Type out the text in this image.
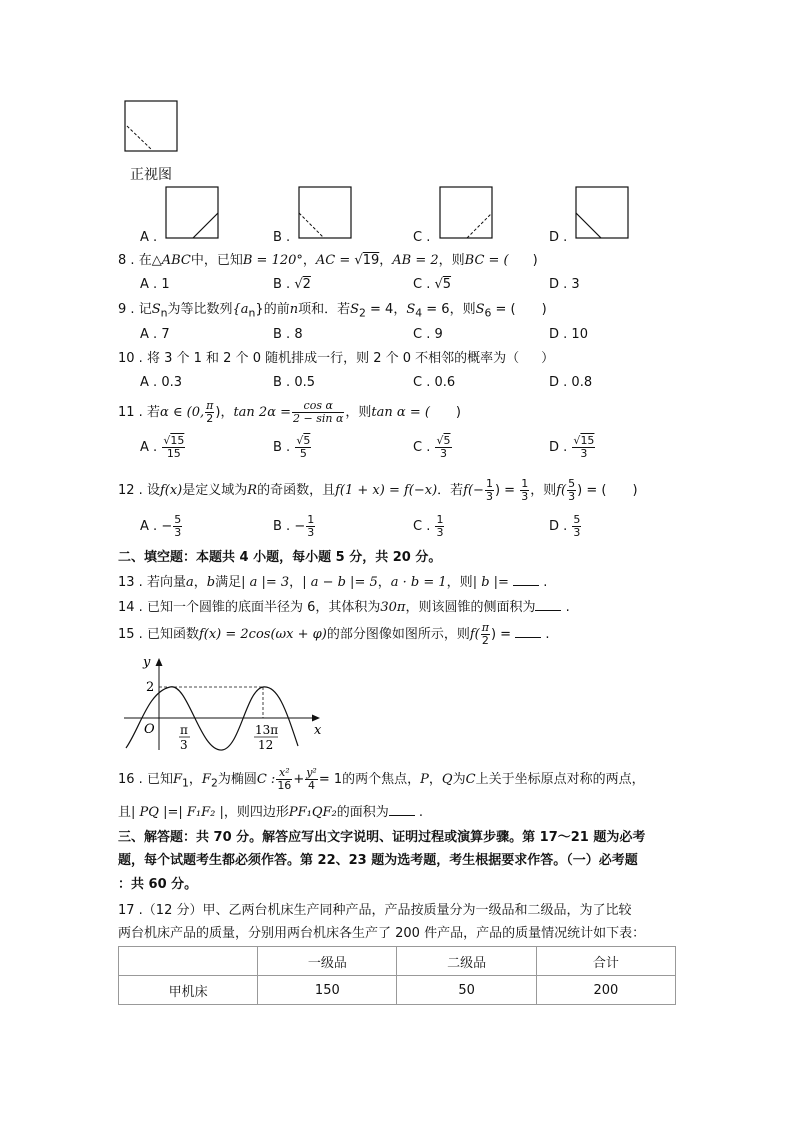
正视图
A .	B .	C .	D .
8 . 在△ABC中，已知B = 120°，AC = √19，AB = 2，则BC = ( )
A . 1	B . √2	C . √5	D . 3
9 . 记$S_n$为等比数列$\{a_n\}$的前n项和．若$S_2 = 4$，$S_4 = 6$，则$S_6$ = ( )
A . 7	B . 8	C . 9	D . 10
10 . 将 3 个 1 和 2 个 0 随机排成一行，则 2 个 0 不相邻的概率为（ ）
A . 0.3	B . 0.5	C . 0.6	D . 0.8
11 . 若α ∈ (0, $\frac{\pi}{2}$ )，$\tan 2\alpha = \frac{\text{cos α}}{\text{2 − sin α}}$ ，则tan α = ( )
A . $\frac{√15}{15}$	B . $\frac{√5}{5}$	C . $\frac{√5}{3}$	D . $\frac{√15}{3}$
12 . 设f(x)是定义域为R的奇函数，且f(1 + x) = f(−x)．若$f(- \frac{1}{3}$ ) = $\frac{1}{3}$ ，则$f( \frac{5}{3}$ ) = ( )
A . − $\frac{5}{3}$	B . − $\frac{1}{3}$	C . $\frac{1}{3}$	D . $\frac{5}{3}$
二、填空题：本题共 4 小题，每小题 5 分，共 20 分。
13 . 若向量a，b满足| a |= 3，| a − b |= 5，a · b = 1，则| b |=	.
14 . 已知一个圆锥的底面半径为 6，其体积为30π，则该圆锥的侧面积为 .
15 . 已知函数f(x) = 2cos(ωx + φ)的部分图像如图所示，则$f( \frac{\pi}{2}$ ) =	.
y
x
O
2
π
3
13π
12
16 . 已知$F_1$，$F_2$为椭圆C : $\frac{\text{x²}}{16} + \frac{\text{y²}}{4} = 1$的两个焦点，P，Q为C上关于坐标原点对称的两点，
且| PQ |=| F₁F₂ |，则四边形PF₁QF₂的面积为 .
三、解答题：共 70 分。解答应写出文字说明、证明过程或演算步骤。第 17～21 题为必考
题，每个试题考生都必须作答。第 22、23 题为选考题，考生根据要求作答。（一）必考题
：共 60 分。
17 .（12 分）甲、乙两台机床生产同种产品，产品按质量分为一级品和二级品，为了比较
两台机床产品的质量，分别用两台机床各生产了 200 件产品，产品的质量情况统计如下表：
	一级品	二级品	合计
甲机床	150	50	200
